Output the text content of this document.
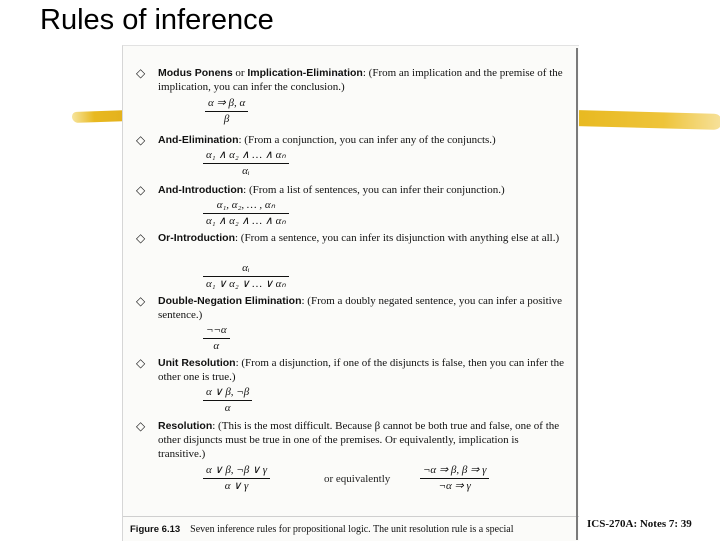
Rules of inference
◇ Modus Ponens or Implication-Elimination: (From an implication and the premise of the implication, you can infer the conclusion.)
α ⇒ β, α
β
◇ And-Elimination: (From a conjunction, you can infer any of the conjuncts.)
α₁ ∧ α₂ ∧ … ∧ αₙ
αᵢ
◇ And-Introduction: (From a list of sentences, you can infer their conjunction.)
α₁, α₂, … , αₙ
α₁ ∧ α₂ ∧ … ∧ αₙ
◇ Or-Introduction: (From a sentence, you can infer its disjunction with anything else at all.)
αᵢ
α₁ ∨ α₂ ∨ … ∨ αₙ
◇ Double-Negation Elimination: (From a doubly negated sentence, you can infer a positive sentence.)
¬¬α
α
◇ Unit Resolution: (From a disjunction, if one of the disjuncts is false, then you can infer the other one is true.)
α ∨ β, ¬β
α
◇ Resolution: (This is the most difficult. Because β cannot be both true and false, one of the other disjuncts must be true in one of the premises. Or equivalently, implication is transitive.)
α ∨ β, ¬β ∨ γ
α ∨ γ
or equivalently
¬α ⇒ β, β ⇒ γ
¬α ⇒ γ
Figure 6.13 Seven inference rules for propositional logic. The unit resolution rule is a special	ICS-270A: Notes 7: 39
